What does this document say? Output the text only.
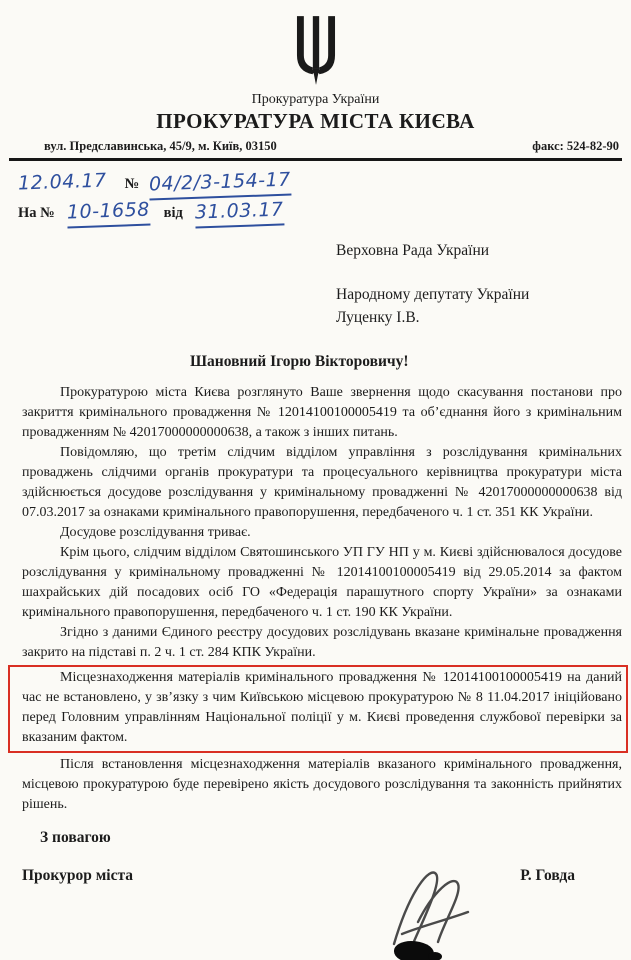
Прокуратура України
ПРОКУРАТУРА МІСТА КИЄВА
вул. Предславинська, 45/9, м. Київ, 03150	факс: 524-82-90
12.04.17 № 04/2/3-154-17
На № 10-1658 від 31.03.17
Верховна Рада України
Народному депутату України
Луценку І.В.
Шановний Ігорю Вікторовичу!

Прокуратурою міста Києва розглянуто Ваше звернення щодо скасування постанови про закриття кримінального провадження № 12014100100005419 та об’єднання його з кримінальним провадженням № 42017000000000638, а також з інших питань.

Повідомляю, що третім слідчим відділом управління з розслідування кримінальних проваджень слідчими органів прокуратури та процесуального керівництва прокуратури міста здійснюється досудове розслідування у кримінальному провадженні № 42017000000000638 від 07.03.2017 за ознаками кримінального правопорушення, передбаченого ч. 1 ст. 351 КК України.

Досудове розслідування триває.

Крім цього, слідчим відділом Святошинського УП ГУ НП у м. Києві здійснювалося досудове розслідування у кримінальному провадженні № 12014100100005419 від 29.05.2014 за фактом шахрайських дій посадових осіб ГО «Федерація парашутного спорту України» за ознаками кримінального правопорушення, передбаченого ч. 1 ст. 190 КК України.

Згідно з даними Єдиного реєстру досудових розслідувань вказане кримінальне провадження закрито на підставі п. 2 ч. 1 ст. 284 КПК України.

Місцезнаходження матеріалів кримінального провадження № 12014100100005419 на даний час не встановлено, у зв’язку з чим Київською місцевою прокуратурою № 8 11.04.2017 ініційовано перед Головним управлінням Національної поліції у м. Києві проведення службової перевірки за вказаним фактом.

Після встановлення місцезнаходження матеріалів вказаного кримінального провадження, місцевою прокуратурою буде перевірено якість досудового розслідування та законність прийнятих рішень.

З повагою
Прокурор міста	Р. Говда
